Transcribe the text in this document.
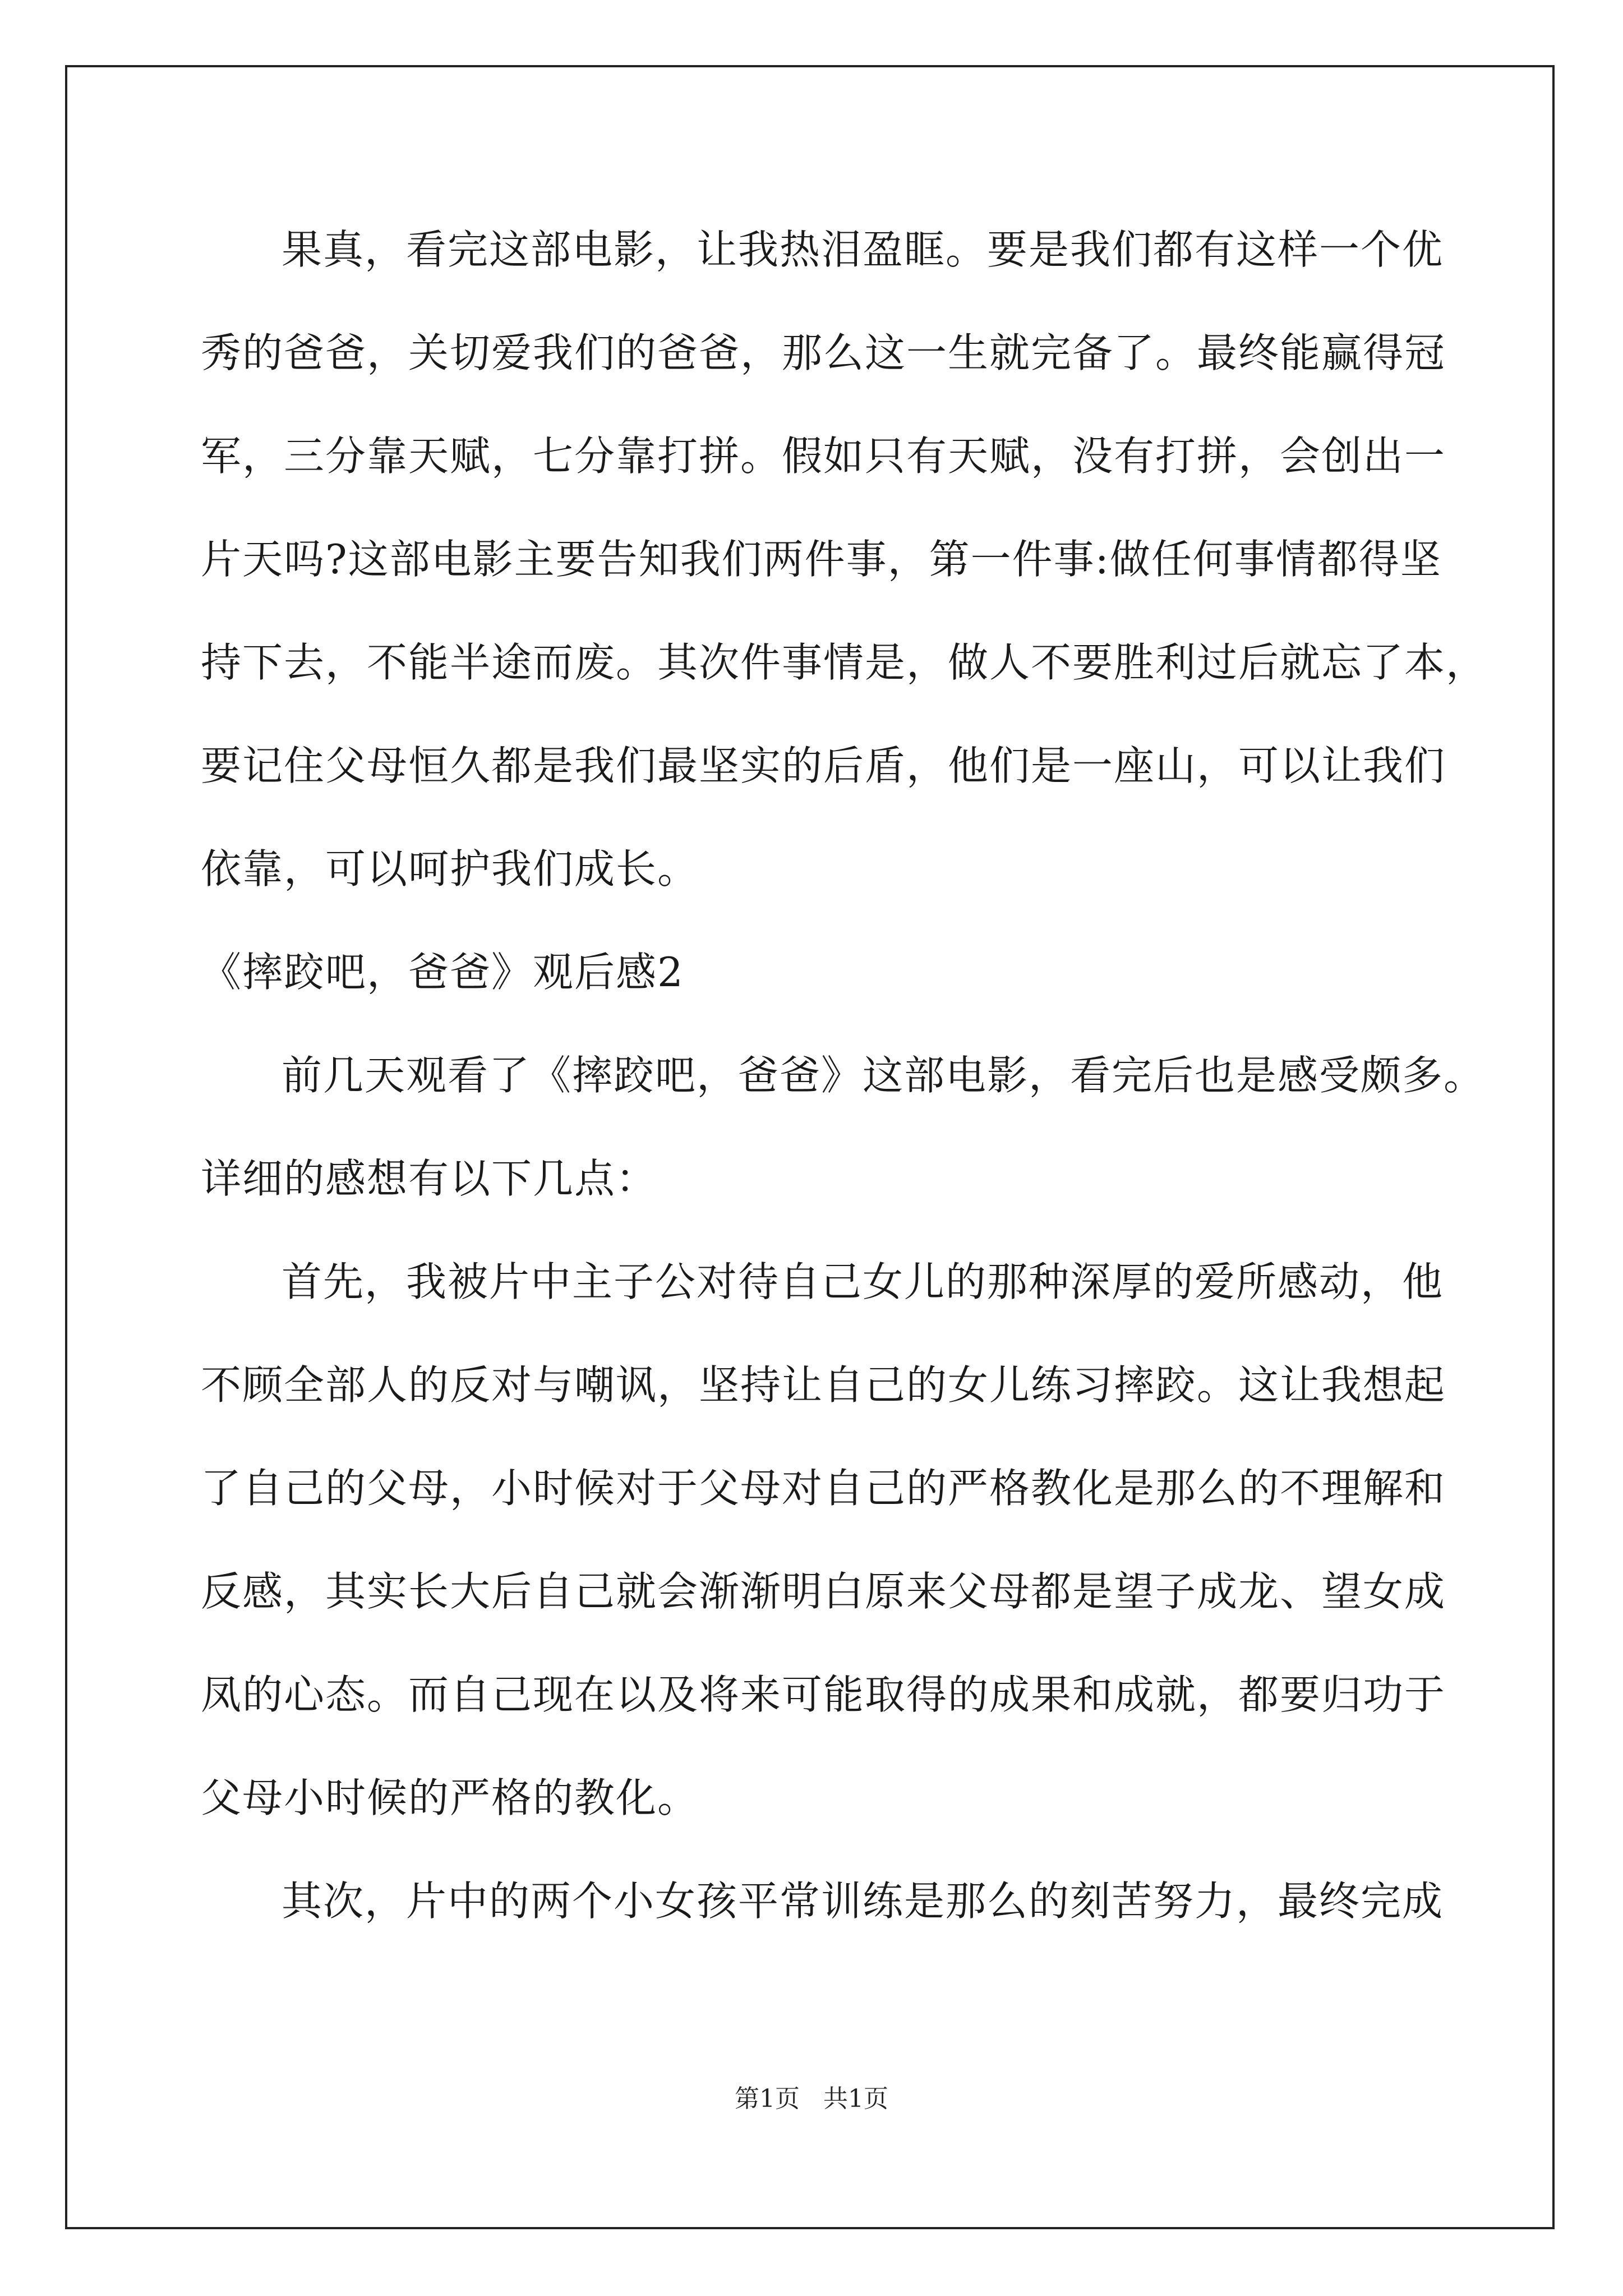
果真，看完这部电影，让我热泪盈眶。要是我们都有这样一个优
秀的爸爸，关切爱我们的爸爸，那么这一生就完备了。最终能赢得冠
军，三分靠天赋，七分靠打拼。假如只有天赋，没有打拼，会创出一
片天吗?这部电影主要告知我们两件事，第一件事:做任何事情都得坚
持下去，不能半途而废。其次件事情是，做人不要胜利过后就忘了本，
要记住父母恒久都是我们最坚实的后盾，他们是一座山，可以让我们
依靠，可以呵护我们成长。
《摔跤吧，爸爸》观后感2
前几天观看了《摔跤吧，爸爸》这部电影，看完后也是感受颇多。
详细的感想有以下几点：
首先，我被片中主子公对待自己女儿的那种深厚的爱所感动，他
不顾全部人的反对与嘲讽，坚持让自己的女儿练习摔跤。这让我想起
了自己的父母，小时候对于父母对自己的严格教化是那么的不理解和
反感，其实长大后自己就会渐渐明白原来父母都是望子成龙、望女成
凤的心态。而自己现在以及将来可能取得的成果和成就，都要归功于
父母小时候的严格的教化。
其次，片中的两个小女孩平常训练是那么的刻苦努力，最终完成
第1页 共1页
